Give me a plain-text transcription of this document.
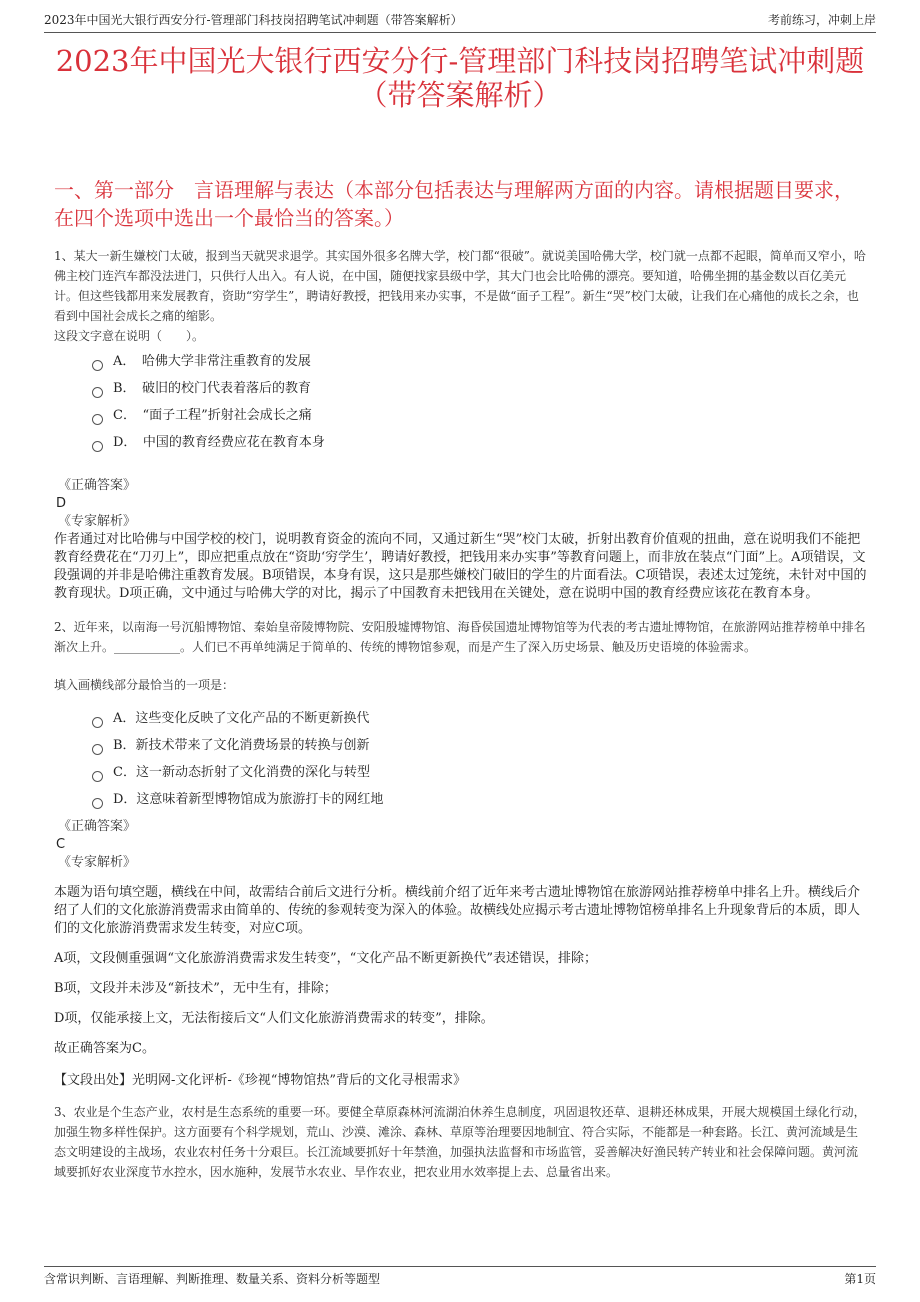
2023年中国光大银行西安分行-管理部门科技岗招聘笔试冲刺题（带答案解析）	考前练习，冲刺上岸
2023年中国光大银行西安分行-管理部门科技岗招聘笔试冲刺题（带答案解析）
一、第一部分　言语理解与表达（本部分包括表达与理解两方面的内容。请根据题目要求，在四个选项中选出一个最恰当的答案。）
1、某大一新生嫌校门太破，报到当天就哭求退学。其实国外很多名牌大学，校门都“很破”。就说美国哈佛大学，校门就一点都不起眼，简单而又窄小，哈佛主校门连汽车都没法进门，只供行人出入。有人说，在中国，随便找家县级中学，其大门也会比哈佛的漂亮。要知道，哈佛坐拥的基金数以百亿美元计。但这些钱都用来发展教育，资助“穷学生”，聘请好教授，把钱用来办实事，不是做“面子工程”。新生“哭”校门太破，让我们在心痛他的成长之余，也看到中国社会成长之痛的缩影。
这段文字意在说明（　　）。
A．　哈佛大学非常注重教育的发展
B．　破旧的校门代表着落后的教育
C．　“面子工程”折射社会成长之痛
D．　中国的教育经费应花在教育本身
《正确答案》
D
《专家解析》
作者通过对比哈佛与中国学校的校门，说明教育资金的流向不同，又通过新生“哭”校门太破，折射出教育价值观的扭曲，意在说明我们不能把教育经费花在“刀刃上”，即应把重点放在“资助‘穷学生’，聘请好教授，把钱用来办实事”等教育问题上，而非放在装点“门面”上。A项错误，文段强调的并非是哈佛注重教育发展。B项错误，本身有误，这只是那些嫌校门破旧的学生的片面看法。C项错误，表述太过笼统，未针对中国的教育现状。D项正确，文中通过与哈佛大学的对比，揭示了中国教育未把钱用在关键处，意在说明中国的教育经费应该花在教育本身。
2、近年来，以南海一号沉船博物馆、秦始皇帝陵博物院、安阳殷墟博物馆、海昏侯国遗址博物馆等为代表的考古遗址博物馆，在旅游网站推荐榜单中排名渐次上升。___________。人们已不再单纯满足于简单的、传统的博物馆参观，而是产生了深入历史场景、触及历史语境的体验需求。
填入画横线部分最恰当的一项是：
A．这些变化反映了文化产品的不断更新换代
B．新技术带来了文化消费场景的转换与创新
C．这一新动态折射了文化消费的深化与转型
D．这意味着新型博物馆成为旅游打卡的网红地
《正确答案》
C
《专家解析》
本题为语句填空题，横线在中间，故需结合前后文进行分析。横线前介绍了近年来考古遗址博物馆在旅游网站推荐榜单中排名上升。横线后介绍了人们的文化旅游消费需求由简单的、传统的参观转变为深入的体验。故横线处应揭示考古遗址博物馆榜单排名上升现象背后的本质，即人们的文化旅游消费需求发生转变，对应C项。
A项，文段侧重强调“文化旅游消费需求发生转变”，“文化产品不断更新换代”表述错误，排除；
B项，文段并未涉及“新技术”，无中生有，排除；
D项，仅能承接上文，无法衔接后文“人们文化旅游消费需求的转变”，排除。
故正确答案为C。
【文段出处】光明网-文化评析-《珍视“博物馆热”背后的文化寻根需求》
3、农业是个生态产业，农村是生态系统的重要一环。要健全草原森林河流湖泊休养生息制度，巩固退牧还草、退耕还林成果，开展大规模国土绿化行动，加强生物多样性保护。这方面要有个科学规划，荒山、沙漠、滩涂、森林、草原等治理要因地制宜、符合实际，不能都是一种套路。长江、黄河流域是生态文明建设的主战场，农业农村任务十分艰巨。长江流域要抓好十年禁渔，加强执法监督和市场监管，妥善解决好渔民转产转业和社会保障问题。黄河流域要抓好农业深度节水控水，因水施种，发展节水农业、旱作农业，把农业用水效率提上去、总量省出来。
含常识判断、言语理解、判断推理、数量关系、资料分析等题型	第1页
